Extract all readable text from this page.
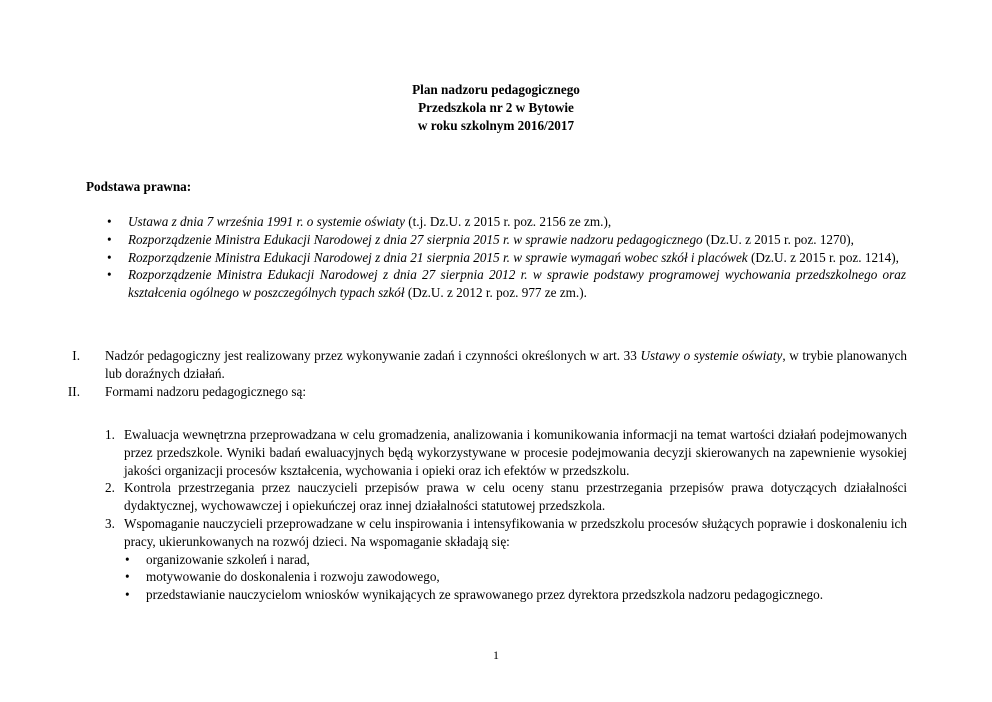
Plan nadzoru pedagogicznego
Przedszkola nr 2 w Bytowie
w roku szkolnym 2016/2017
Podstawa prawna:
• Ustawa z dnia 7 września 1991 r. o systemie oświaty (t.j. Dz.U. z 2015 r. poz. 2156 ze zm.),
• Rozporządzenie Ministra Edukacji Narodowej z dnia 27 sierpnia 2015 r. w sprawie nadzoru pedagogicznego (Dz.U. z 2015 r. poz. 1270),
• Rozporządzenie Ministra Edukacji Narodowej z dnia 21 sierpnia 2015 r. w sprawie wymagań wobec szkół i placówek (Dz.U. z 2015 r. poz. 1214),
• Rozporządzenie Ministra Edukacji Narodowej z dnia 27 sierpnia 2012 r. w sprawie podstawy programowej wychowania przedszkolnego oraz kształcenia ogólnego w poszczególnych typach szkół (Dz.U. z 2012 r. poz. 977 ze zm.).
I. Nadzór pedagogiczny jest realizowany przez wykonywanie zadań i czynności określonych w art. 33 Ustawy o systemie oświaty, w trybie planowanych lub doraźnych działań.
II. Formami nadzoru pedagogicznego są:
1. Ewaluacja wewnętrzna przeprowadzana w celu gromadzenia, analizowania i komunikowania informacji na temat wartości działań podejmowanych przez przedszkole. Wyniki badań ewaluacyjnych będą wykorzystywane w procesie podejmowania decyzji skierowanych na zapewnienie wysokiej jakości organizacji procesów kształcenia, wychowania i opieki oraz ich efektów w przedszkolu.
2. Kontrola przestrzegania przez nauczycieli przepisów prawa w celu oceny stanu przestrzegania przepisów prawa dotyczących działalności dydaktycznej, wychowawczej i opiekuńczej oraz innej działalności statutowej przedszkola.
3. Wspomaganie nauczycieli przeprowadzane w celu inspirowania i intensyfikowania w przedszkolu procesów służących poprawie i doskonaleniu ich pracy, ukierunkowanych na rozwój dzieci. Na wspomaganie składają się:
• organizowanie szkoleń i narad,
• motywowanie do doskonalenia i rozwoju zawodowego,
• przedstawianie nauczycielom wniosków wynikających ze sprawowanego przez dyrektora przedszkola nadzoru pedagogicznego.
1
